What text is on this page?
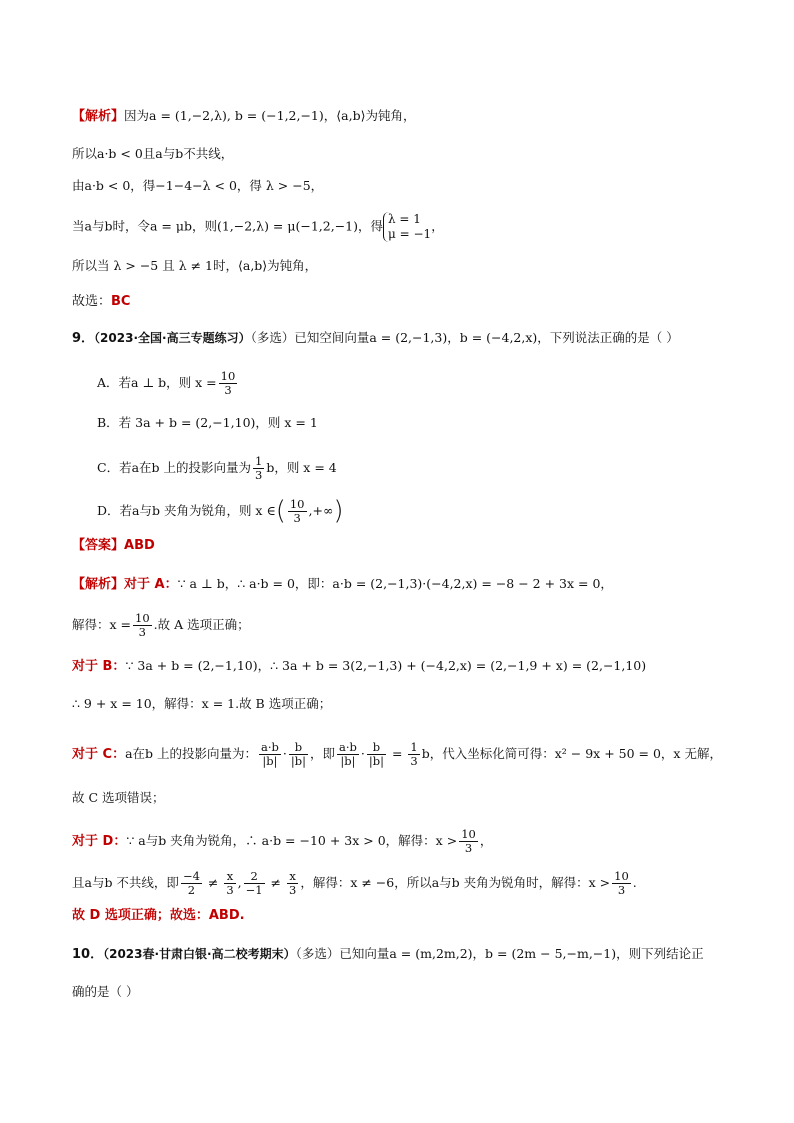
【解析】因为a = (1,−2,λ), b = (−1,2,−1)，⟨a,b⟩为钝角，
所以a·b < 0且a与b不共线，
由a·b < 0，得−1−4−λ < 0，得 λ > −5，
当a与b时，令a = μb，则(1,−2,λ) = μ(−1,2,−1)，得 λ = 1
μ = −1
，
所以当 λ > −5 且 λ ≠ 1时，⟨a,b⟩为钝角，
故选：BC
9．（2023·全国·高三专题练习）（多选）已知空间向量a = (2,−1,3)，b = (−4,2,x)，下列说法正确的是（ ）
A．若a ⊥ b，则 $x = \frac{10}{3}$
B．若 3a + b = (2,−1,10)，则 x = 1
C．若a在b 上的投影向量为 $\frac{1}{3}$ b，则 x = 4
D．若a与b 夹角为锐角，则 x ∈( $\frac{10}{3}$ ,+∞)
【答案】ABD
【解析】对于 A：∵ a ⊥ b，∴ a·b = 0，即：a·b = (2,−1,3)·(−4,2,x) = −8 − 2 + 3x = 0，
解得：$x = \frac{10}{3}$ .故 A 选项正确；
对于 B：∵ 3a + b = (2,−1,10)，∴ 3a + b = 3(2,−1,3) + (−4,2,x) = (2,−1,9 + x) = (2,−1,10)
∴ 9 + x = 10，解得：x = 1.故 B 选项正确；
对于 C：a在b 上的投影向量为： $\frac{a\cdot b}{|b|} \cdot \frac{b}{|b|}$ ，即 $\frac{a\cdot b}{|b|} \cdot \frac{b}{|b|} = \frac{1}{3}$ b，代入坐标化简可得：x² − 9x + 50 = 0，x 无解，
故 C 选项错误；
对于 D：∵ a与b 夹角为锐角，∴ a·b = −10 + 3x > 0，解得：$x > \frac{10}{3}$ ，
且a与b 不共线，即 $\frac{-4}{2} \ne \frac{x}{3}$ , $\frac{2}{-1} \ne \frac{x}{3}$ ，解得：x ≠ −6，所以a与b 夹角为锐角时，解得：$x > \frac{10}{3}$ .
故 D 选项正确；故选：ABD.
10．（2023春·甘肃白银·高二校考期末）（多选）已知向量a = (m,2m,2)，b = (2m − 5,−m,−1)，则下列结论正
确的是（ ）
